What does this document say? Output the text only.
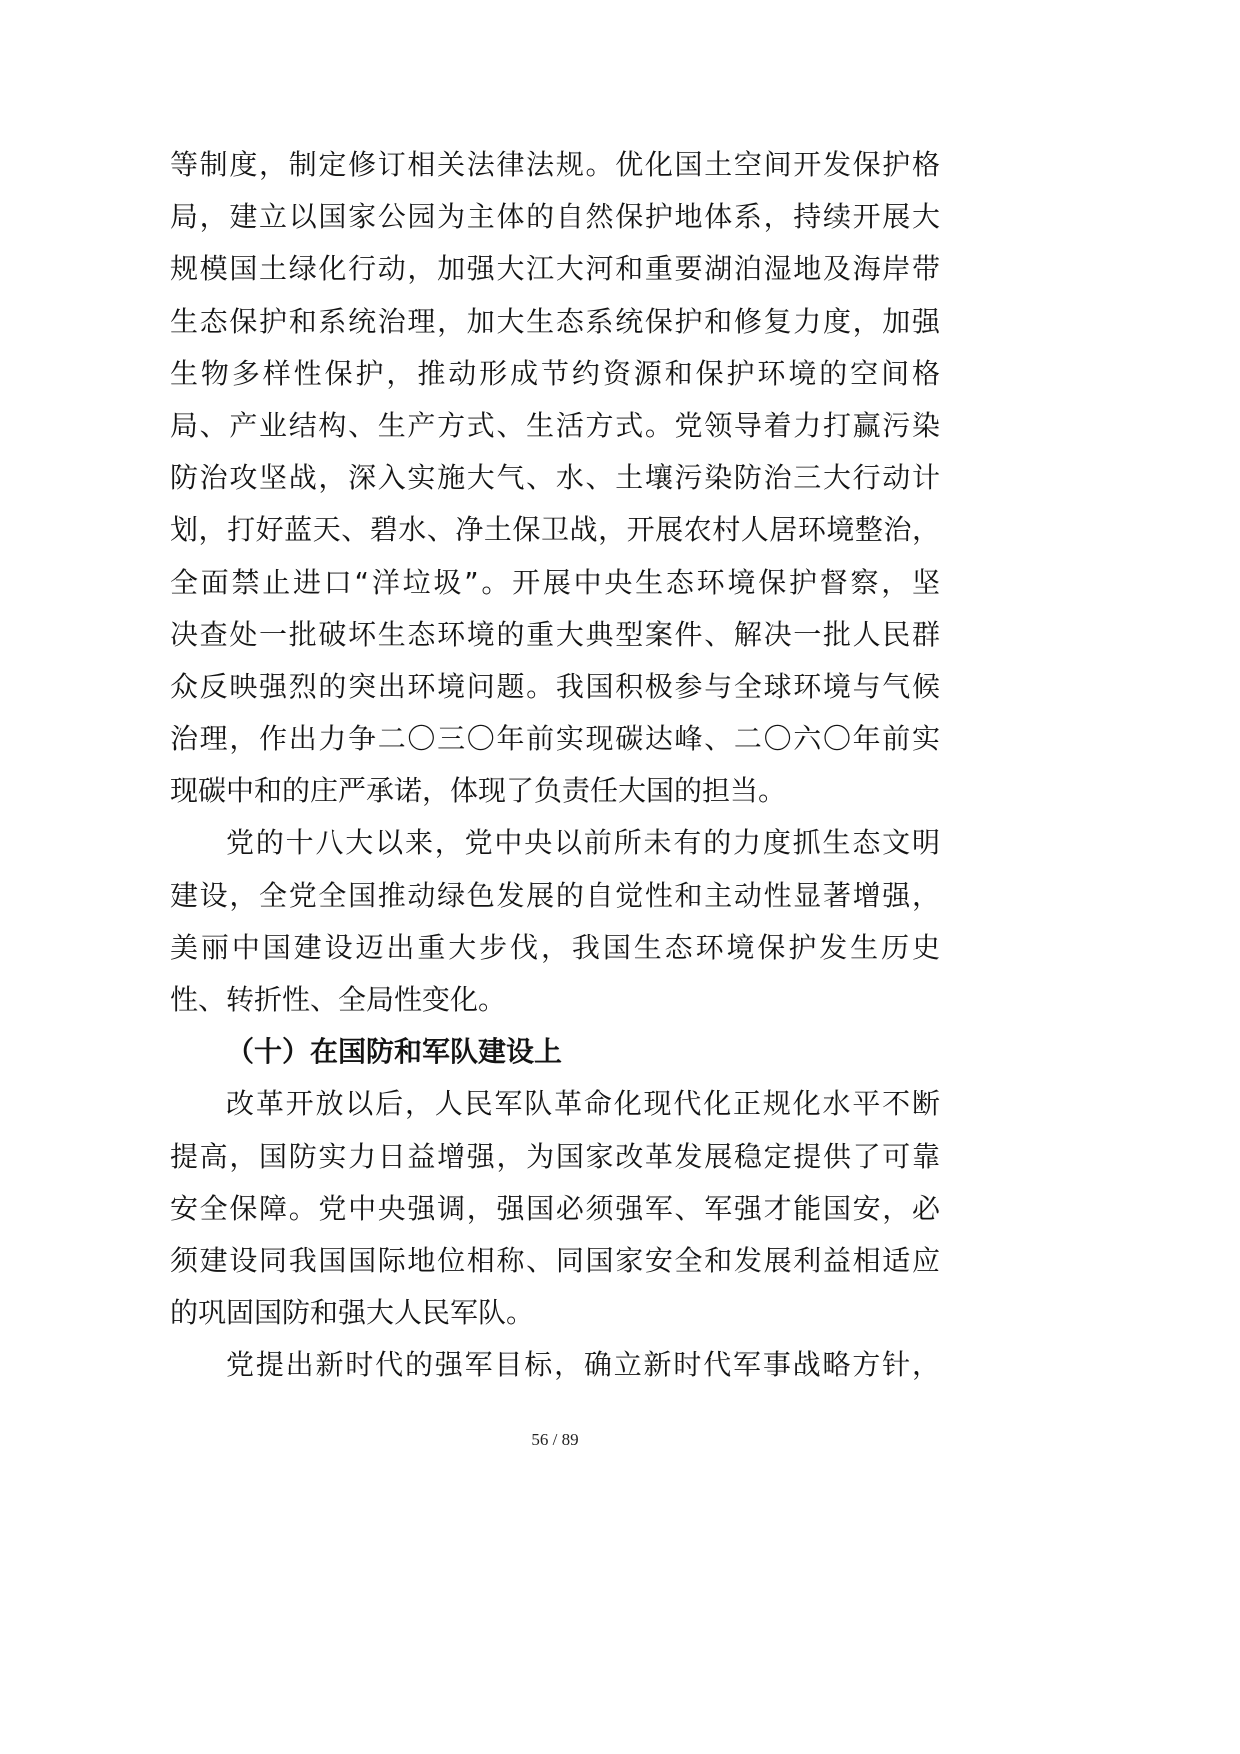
等制度，制定修订相关法律法规。优化国土空间开发保护格
局，建立以国家公园为主体的自然保护地体系，持续开展大
规模国土绿化行动，加强大江大河和重要湖泊湿地及海岸带
生态保护和系统治理，加大生态系统保护和修复力度，加强
生物多样性保护，推动形成节约资源和保护环境的空间格
局、产业结构、生产方式、生活方式。党领导着力打赢污染
防治攻坚战，深入实施大气、水、土壤污染防治三大行动计
划，打好蓝天、碧水、净土保卫战，开展农村人居环境整治，
全面禁止进口“洋垃圾”。开展中央生态环境保护督察，坚
决查处一批破坏生态环境的重大典型案件、解决一批人民群
众反映强烈的突出环境问题。我国积极参与全球环境与气候
治理，作出力争二〇三〇年前实现碳达峰、二〇六〇年前实
现碳中和的庄严承诺，体现了负责任大国的担当。
党的十八大以来，党中央以前所未有的力度抓生态文明
建设，全党全国推动绿色发展的自觉性和主动性显著增强，
美丽中国建设迈出重大步伐，我国生态环境保护发生历史
性、转折性、全局性变化。
（十）在国防和军队建设上
改革开放以后，人民军队革命化现代化正规化水平不断
提高，国防实力日益增强，为国家改革发展稳定提供了可靠
安全保障。党中央强调，强国必须强军、军强才能国安，必
须建设同我国国际地位相称、同国家安全和发展利益相适应
的巩固国防和强大人民军队。
党提出新时代的强军目标，确立新时代军事战略方针，
56 / 89
